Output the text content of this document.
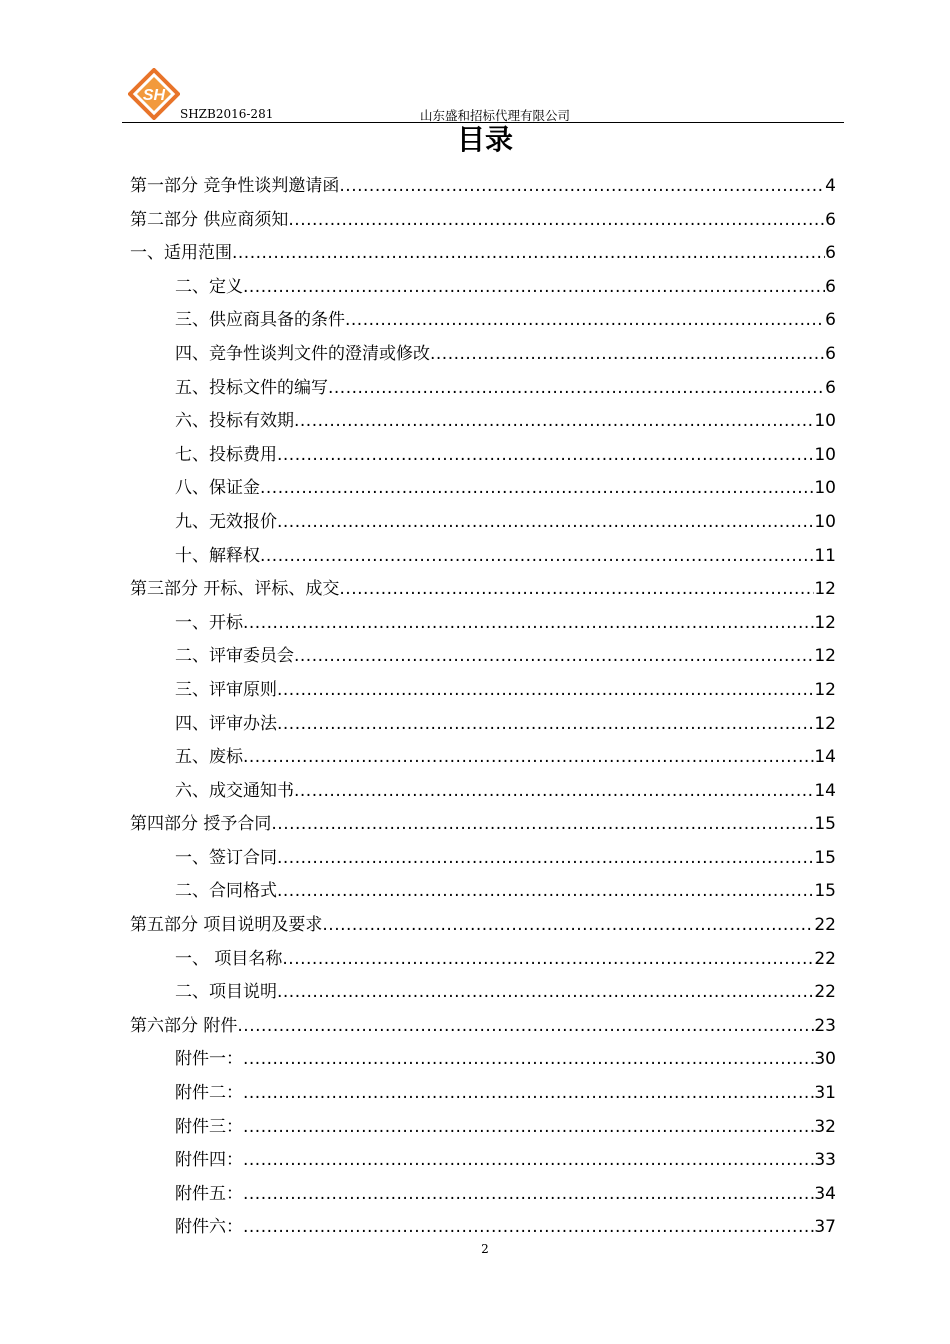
SH
SHZB2016-281	山东盛和招标代理有限公司
目录
第一部分 竞争性谈判邀请函 .....	4
第二部分 供应商须知 .....	6
一、适用范围 .....	6
二、定义 .....	6
三、供应商具备的条件 .....	6
四、竞争性谈判文件的澄清或修改 .....	6
五、投标文件的编写 .....	6
六、投标有效期 .....	10
七、投标费用 .....	10
八、保证金 .....	10
九、无效报价 .....	10
十、解释权 .....	11
第三部分 开标、评标、成交 .....	12
一、开标 .....	12
二、评审委员会 .....	12
三、评审原则 .....	12
四、评审办法 .....	12
五、废标 .....	14
六、成交通知书 .....	14
第四部分 授予合同 .....	15
一、签订合同 .....	15
二、合同格式 .....	15
第五部分 项目说明及要求 .....	22
一、 项目名称 .....	22
二、项目说明 .....	22
第六部分 附件 .....	23
附件一： .....	30
附件二： .....	31
附件三： .....	32
附件四： .....	33
附件五： .....	34
附件六： .....	37
2
